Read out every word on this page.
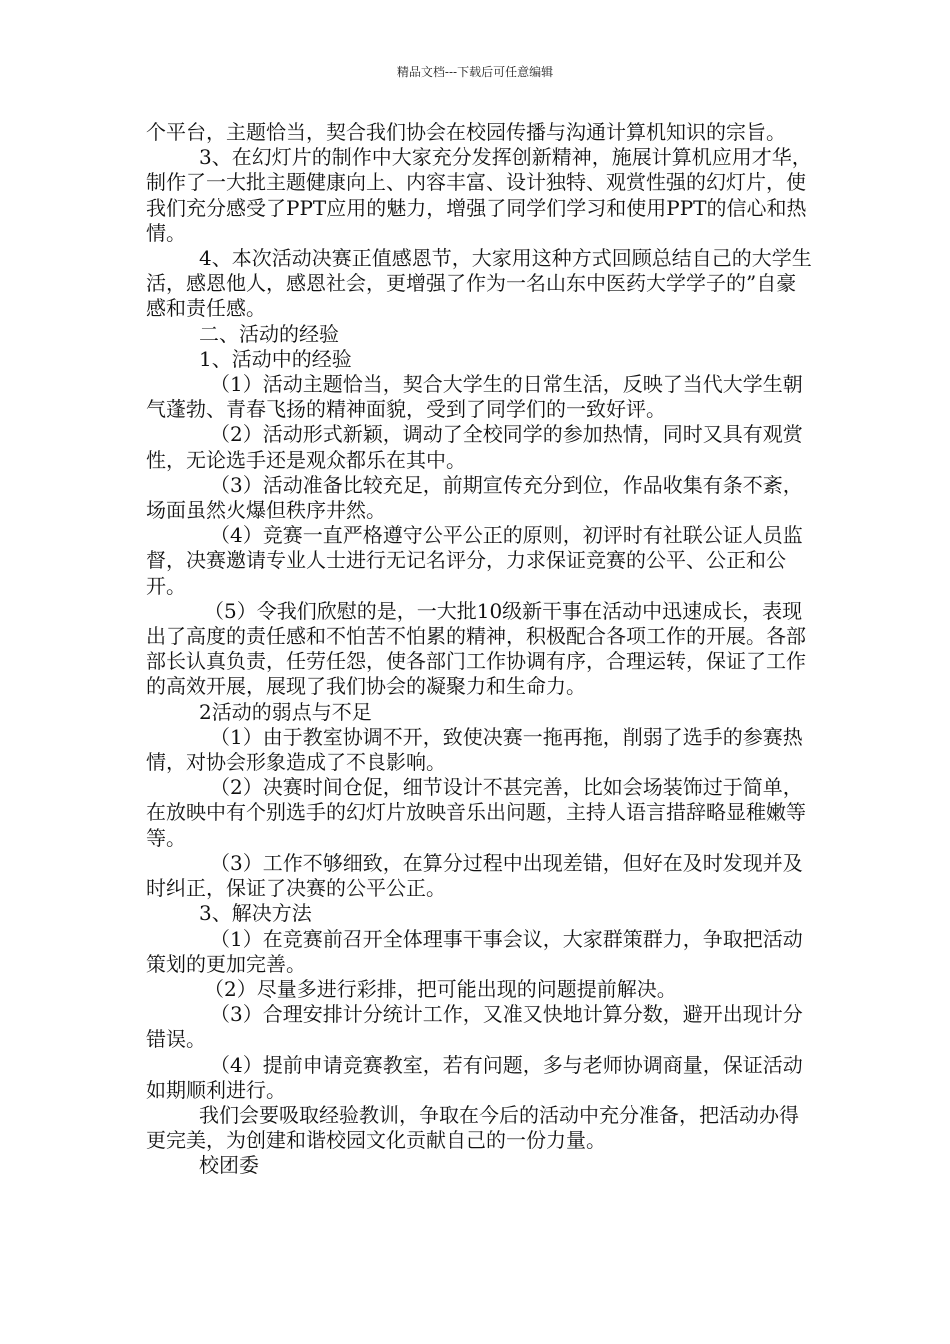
精品文档---下载后可任意编辑

个平台，主题恰当，契合我们协会在校园传播与沟通计算机知识的宗旨。

3、在幻灯片的制作中大家充分发挥创新精神，施展计算机应用才华，制作了一大批主题健康向上、内容丰富、设计独特、观赏性强的幻灯片，使我们充分感受了PPT应用的魅力，增强了同学们学习和使用PPT的信心和热情。

4、本次活动决赛正值感恩节，大家用这种方式回顾总结自己的大学生活，感恩他人，感恩社会，更增强了作为一名山东中医药大学学子的”自豪感和责任感。

二、活动的经验

1、活动中的经验

（1）活动主题恰当，契合大学生的日常生活，反映了当代大学生朝气蓬勃、青春飞扬的精神面貌，受到了同学们的一致好评。

（2）活动形式新颖，调动了全校同学的参加热情，同时又具有观赏性，无论选手还是观众都乐在其中。

（3）活动准备比较充足，前期宣传充分到位，作品收集有条不紊，场面虽然火爆但秩序井然。

（4）竞赛一直严格遵守公平公正的原则，初评时有社联公证人员监督，决赛邀请专业人士进行无记名评分，力求保证竞赛的公平、公正和公开。

（5）令我们欣慰的是，一大批10级新干事在活动中迅速成长，表现出了高度的责任感和不怕苦不怕累的精神，积极配合各项工作的开展。各部部长认真负责，任劳任怨，使各部门工作协调有序，合理运转，保证了工作的高效开展，展现了我们协会的凝聚力和生命力。

2活动的弱点与不足

（1）由于教室协调不开，致使决赛一拖再拖，削弱了选手的参赛热情，对协会形象造成了不良影响。

（2）决赛时间仓促，细节设计不甚完善，比如会场装饰过于简单，在放映中有个别选手的幻灯片放映音乐出问题，主持人语言措辞略显稚嫩等等。

（3）工作不够细致，在算分过程中出现差错，但好在及时发现并及时纠正，保证了决赛的公平公正。

3、解决方法

（1）在竞赛前召开全体理事干事会议，大家群策群力，争取把活动策划的更加完善。

（2）尽量多进行彩排，把可能出现的问题提前解决。

（3）合理安排计分统计工作，又准又快地计算分数，避开出现计分错误。

（4）提前申请竞赛教室，若有问题，多与老师协调商量，保证活动如期顺利进行。

我们会要吸取经验教训，争取在今后的活动中充分准备，把活动办得更完美，为创建和谐校园文化贡献自己的一份力量。

校团委
